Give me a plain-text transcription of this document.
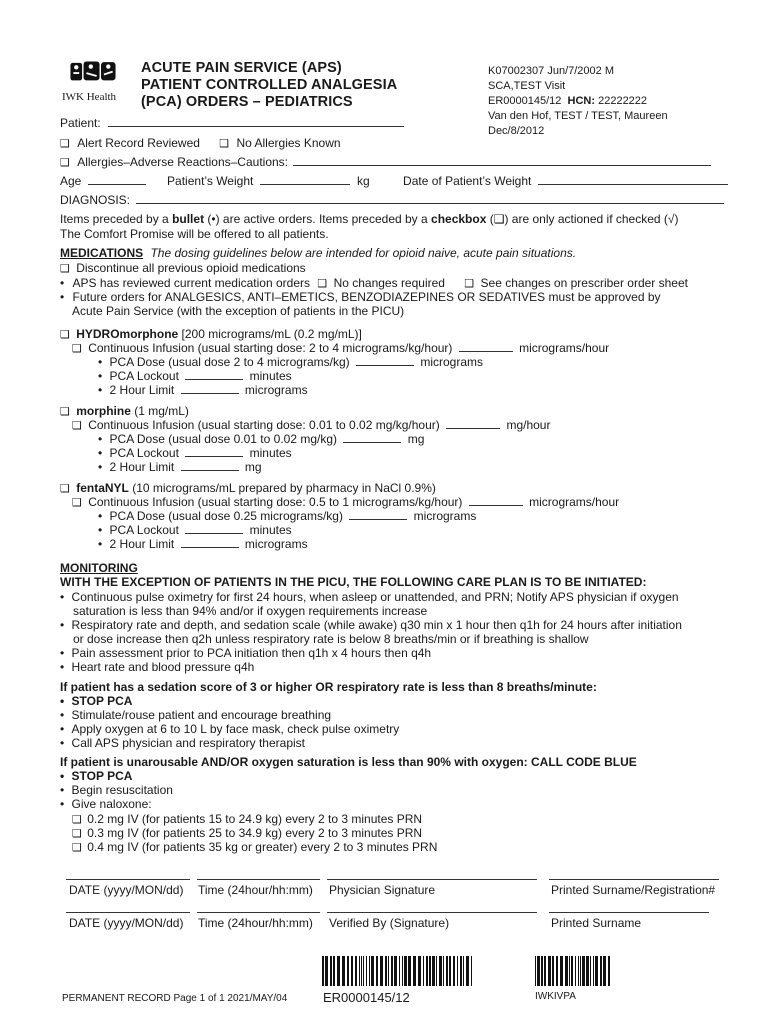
IWK Health
ACUTE PAIN SERVICE (APS)
PATIENT CONTROLLED ANALGESIA
(PCA) ORDERS – PEDIATRICS
K07002307 Jun/7/2002 M
SCA,TEST Visit
ER0000145/12 HCN: 22222222
Van den Hof, TEST / TEST, Maureen
Dec/8/2012
Patient:
❑ Alert Record Reviewed ❑ No Allergies Known
❑ Allergies–Adverse Reactions–Cautions:
Age	Patient’s Weight	kg	Date of Patient’s Weight
DIAGNOSIS:
Items preceded by a bullet (•) are active orders. Items preceded by a checkbox (❑) are only actioned if checked (√)
The Comfort Promise will be offered to all patients.
MEDICATIONS The dosing guidelines below are intended for opioid naive, acute pain situations.
❑ Discontinue all previous opioid medications
• APS has reviewed current medication orders ❑ No changes required ❑ See changes on prescriber order sheet
• Future orders for ANALGESICS, ANTI–EMETICS, BENZODIAZEPINES OR SEDATIVES must be approved by
Acute Pain Service (with the exception of patients in the PICU)
❑ HYDROmorphone [200 micrograms/mL (0.2 mg/mL)]
❑ Continuous Infusion (usual starting dose: 2 to 4 micrograms/kg/hour)	micrograms/hour
• PCA Dose (usual dose 2 to 4 micrograms/kg)	micrograms
• PCA Lockout	minutes
• 2 Hour Limit	micrograms
❑ morphine (1 mg/mL)
❑ Continuous Infusion (usual starting dose: 0.01 to 0.02 mg/kg/hour)	mg/hour
• PCA Dose (usual dose 0.01 to 0.02 mg/kg)	mg
• PCA Lockout	minutes
• 2 Hour Limit	mg
❑ fentaNYL (10 micrograms/mL prepared by pharmacy in NaCl 0.9%)
❑ Continuous Infusion (usual starting dose: 0.5 to 1 micrograms/kg/hour)	micrograms/hour
• PCA Dose (usual dose 0.25 micrograms/kg)	micrograms
• PCA Lockout	minutes
• 2 Hour Limit	micrograms
MONITORING
WITH THE EXCEPTION OF PATIENTS IN THE PICU, THE FOLLOWING CARE PLAN IS TO BE INITIATED:
• Continuous pulse oximetry for first 24 hours, when asleep or unattended, and PRN; Notify APS physician if oxygen
saturation is less than 94% and/or if oxygen requirements increase
• Respiratory rate and depth, and sedation scale (while awake) q30 min x 1 hour then q1h for 24 hours after initiation
or dose increase then q2h unless respiratory rate is below 8 breaths/min or if breathing is shallow
• Pain assessment prior to PCA initiation then q1h x 4 hours then q4h
• Heart rate and blood pressure q4h
If patient has a sedation score of 3 or higher OR respiratory rate is less than 8 breaths/minute:
• STOP PCA
• Stimulate/rouse patient and encourage breathing
• Apply oxygen at 6 to 10 L by face mask, check pulse oximetry
• Call APS physician and respiratory therapist
If patient is unarousable AND/OR oxygen saturation is less than 90% with oxygen: CALL CODE BLUE
• STOP PCA
• Begin resuscitation
• Give naloxone:
❑ 0.2 mg IV (for patients 15 to 24.9 kg) every 2 to 3 minutes PRN
❑ 0.3 mg IV (for patients 25 to 34.9 kg) every 2 to 3 minutes PRN
❑ 0.4 mg IV (for patients 35 kg or greater) every 2 to 3 minutes PRN
DATE (yyyy/MON/dd) Time (24hour/hh:mm) Physician Signature	Printed Surname/Registration#
DATE (yyyy/MON/dd) Time (24hour/hh:mm) Verified By (Signature)	Printed Surname
PERMANENT RECORD Page 1 of 1 2021/MAY/04	ER0000145/12	IWKIVPA
